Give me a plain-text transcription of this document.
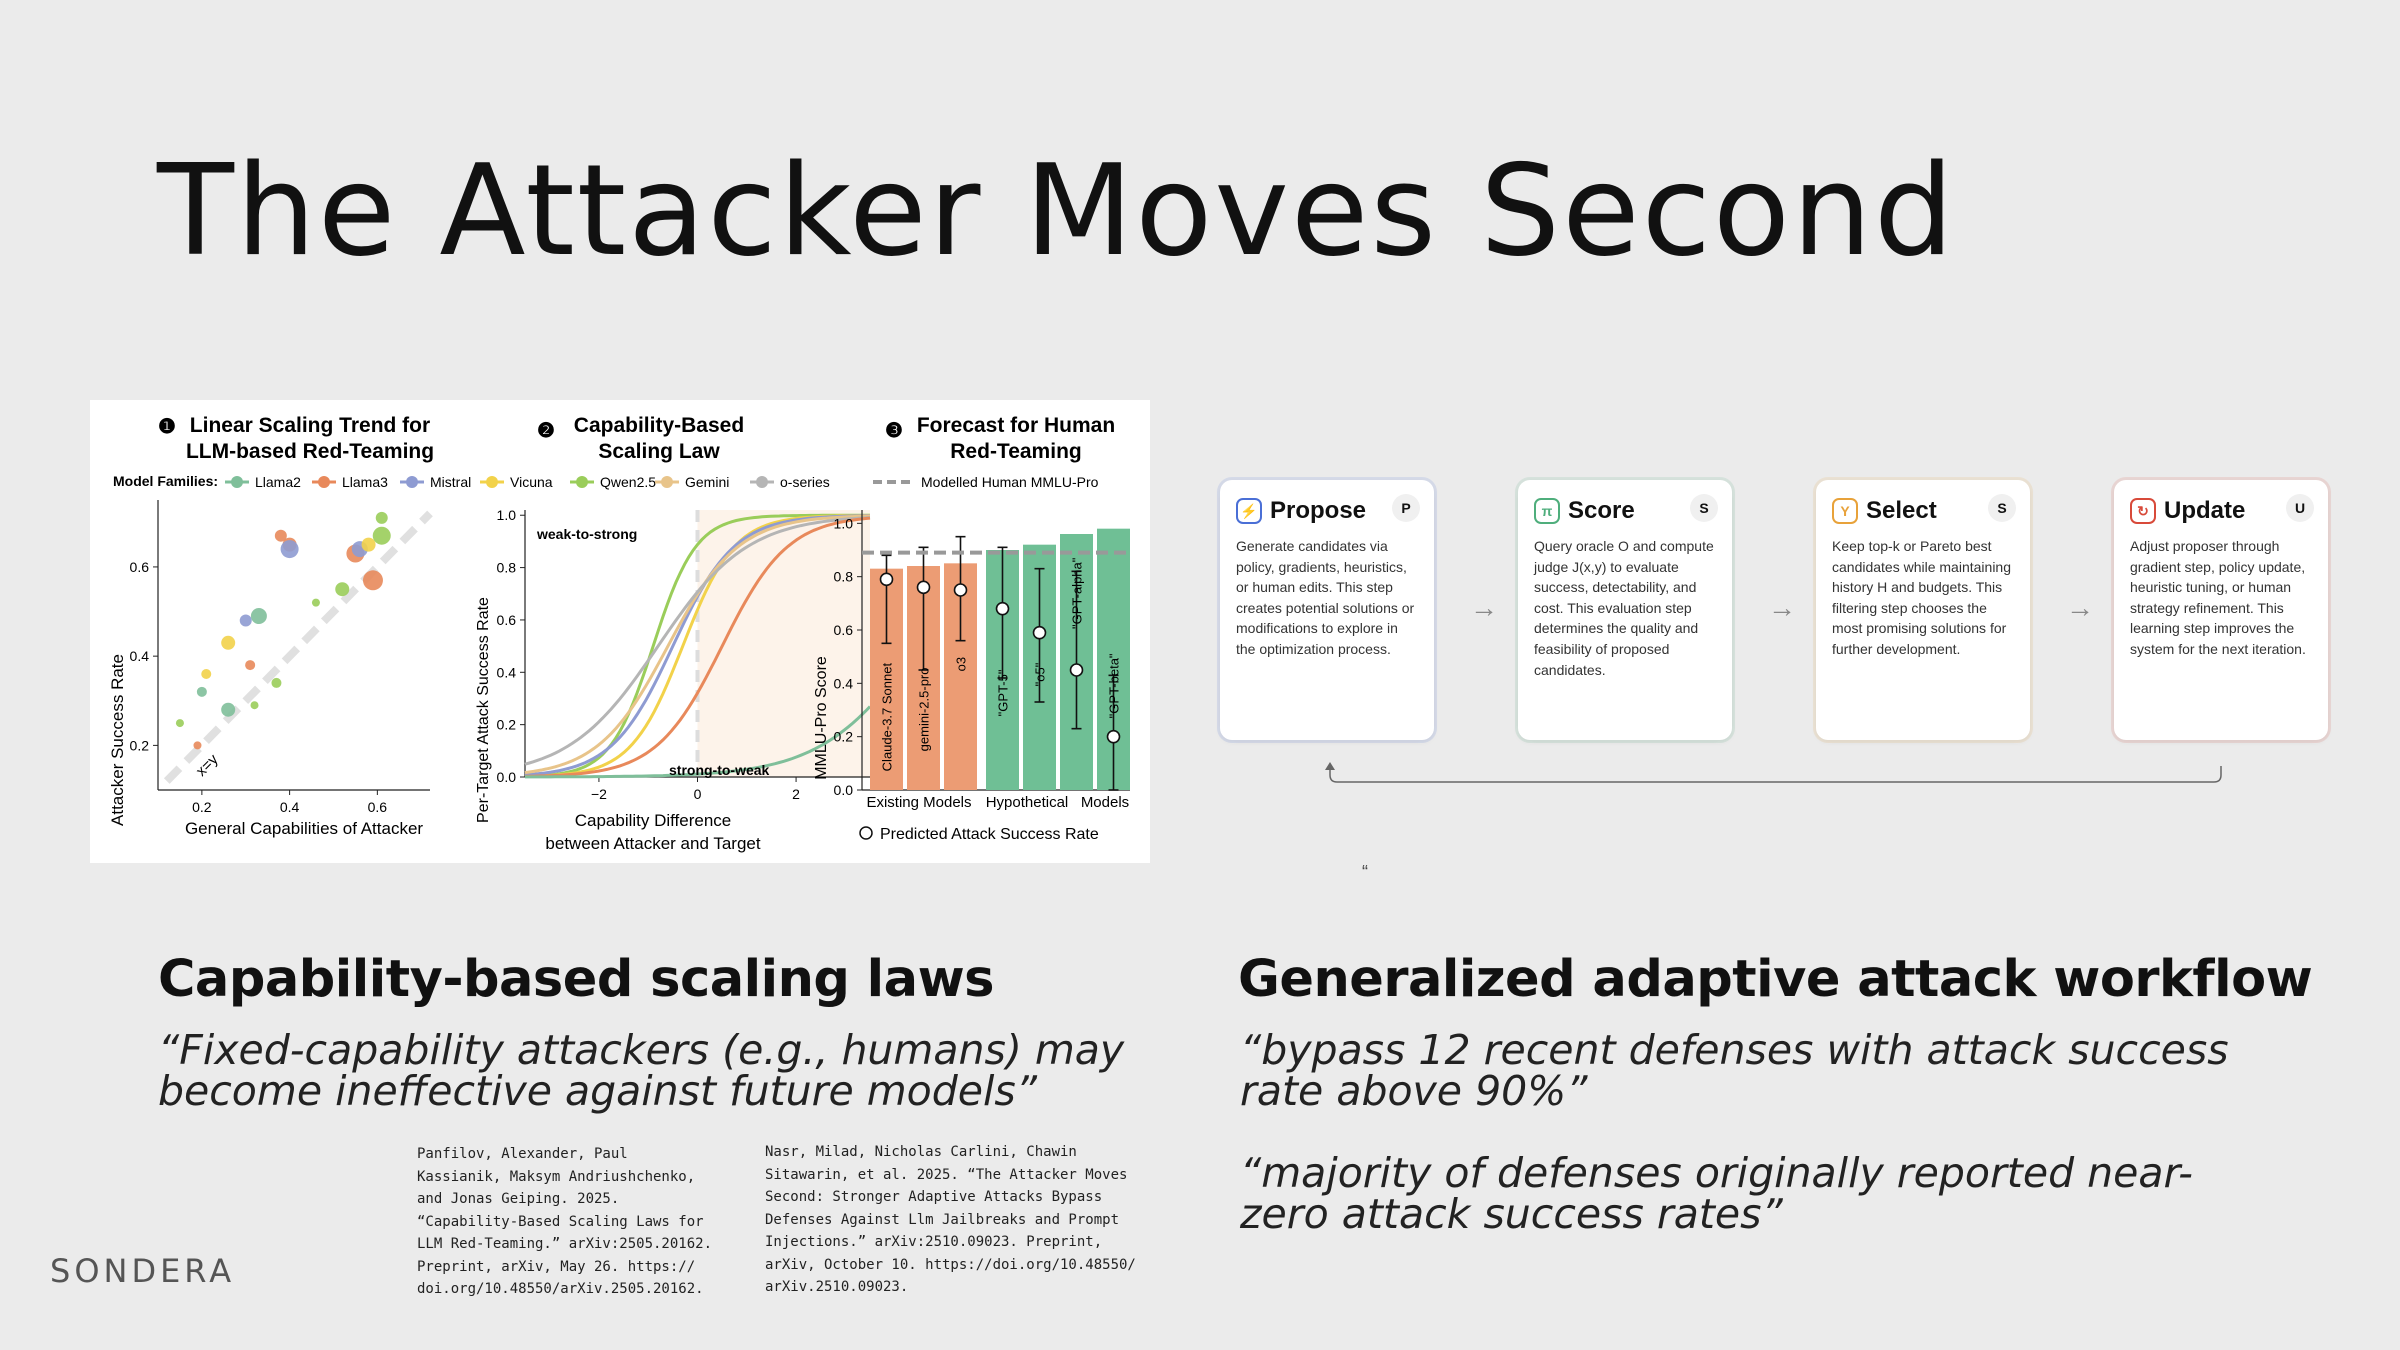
The Attacker Moves Second
❶ Linear Scaling Trend for
LLM-based Red-Teaming
❷ Capability-Based
Scaling Law
❸ Forecast for Human
Red-Teaming
Model Families:	Llama2	Llama3	Mistral	Vicuna	Qwen2.5 Gemini	o-series	Modelled Human MMLU-Pro
0.2	0.4	0.6
0.2
0.4
0.6
Attacker Success Rate
General Capabilities of Attacker
x=y
−2	0	2
0.0
0.2
0.4
0.6
0.8
1.0
Per-Target Attack Success Rate	Capability Difference
between Attacker and Target
weak-to-strong
strong-to-weak
0.0
0.2
0.4
0.6
0.8
1.0
Claude-3.7 Sonnet gemini-2.5-pro
o3
"GPT-5" "o5"
"GPT-alpha"
"GPT-beta"
MMLU-Pro Score
Existing Models Hypothetical Models
Predicted Attack Success Rate
⚡ Propose	P
Generate candidates via policy, gradients, heuristics, or human edits. This step creates potential solutions or modifications to explore in the optimization process.
→
π Score	S
Query oracle O and compute judge J(x,y) to evaluate success, detectability, and cost. This evaluation step determines the quality and feasibility of proposed candidates.
→
Y Select	S
Keep top-k or Pareto best candidates while maintaining history H and budgets. This filtering step chooses the most promising solutions for further development.
→
↻ Update	U
Adjust proposer through gradient step, policy update, heuristic tuning, or human strategy refinement. This learning step improves the system for the next iteration.
“
Capability-based scaling laws
“Fixed-capability attackers (e.g., humans) may
become ineffective against future models”
Panfilov, Alexander, Paul
Kassianik, Maksym Andriushchenko,
and Jonas Geiping. 2025.
“Capability-Based Scaling Laws for
LLM Red-Teaming.” arXiv:2505.20162.
Preprint, arXiv, May 26. https://
doi.org/10.48550/arXiv.2505.20162.
Generalized adaptive attack workflow
“bypass 12 recent defenses with attack success
rate above 90%”
“majority of defenses originally reported near-
zero attack success rates”
Nasr, Milad, Nicholas Carlini, Chawin
Sitawarin, et al. 2025. “The Attacker Moves
Second: Stronger Adaptive Attacks Bypass
Defenses Against Llm Jailbreaks and Prompt
Injections.” arXiv:2510.09023. Preprint,
arXiv, October 10. https://doi.org/10.48550/
arXiv.2510.09023.
SONDERA
